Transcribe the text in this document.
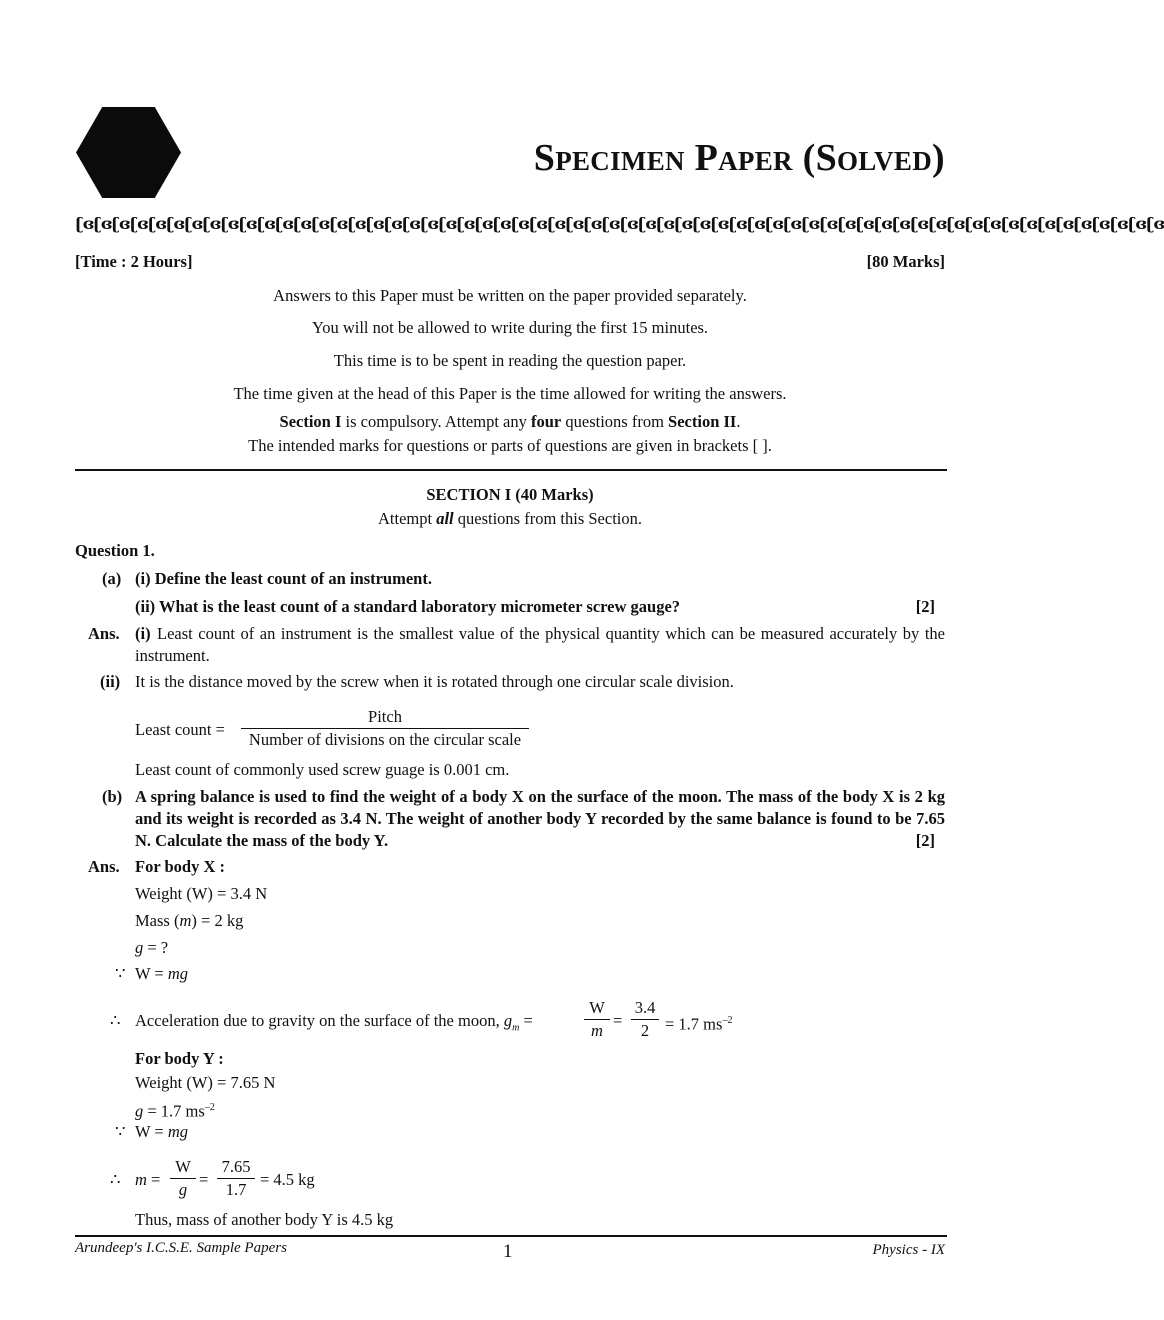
Specimen Paper (Solved)
ʗɞʗɞʗɞʗɞʗɞʗɞʗɞʗɞʗɞʗɞʗɞʗɞʗɞʗɞʗɞʗɞʗɞʗɞʗɞʗɞʗɞʗɞʗɞʗɞʗɞʗɞʗɞʗɞʗɞʗɞʗɞʗɞʗɞʗɞʗɞʗɞʗɞʗɞʗɞʗɞʗɞʗɞʗɞʗɞʗɞʗɞʗɞʗɞʗɞʗɞʗɞʗɞʗɞʗɞʗɞʗɞʗɞʗɞʗɞʗɞ
[Time : 2 Hours]	[80 Marks]
Answers to this Paper must be written on the paper provided separately.
You will not be allowed to write during the first 15 minutes.
This time is to be spent in reading the question paper.
The time given at the head of this Paper is the time allowed for writing the answers.
Section I is compulsory. Attempt any four questions from Section II.
The intended marks for questions or parts of questions are given in brackets [ ].
SECTION I (40 Marks)
Attempt all questions from this Section.
Question 1.
(a) (i) Define the least count of an instrument.
(ii) What is the least count of a standard laboratory micrometer screw gauge?	[2]
Ans. (i) Least count of an instrument is the smallest value of the physical quantity which can be measured accurately by the instrument.
(ii) It is the distance moved by the screw when it is rotated through one circular scale division.
Least count =
Pitch
Number of divisions on the circular scale
Least count of commonly used screw guage is 0.001 cm.
(b) A spring balance is used to find the weight of a body X on the surface of the moon. The mass of the body X is 2 kg and its weight is recorded as 3.4 N. The weight of another body Y recorded by the same balance is found to be 7.65 N. Calculate the mass of the body Y.	[2]
Ans. For body X :
Weight (W) = 3.4 N
Mass (m) = 2 kg
g = ?
∵ W = mg
∴ Acceleration due to gravity on the surface of the moon, $g_m$ =	$\frac{W}{m} = \frac{3.4}{2} = 1.7$ $ms^{-2}$
For body Y :
Weight (W) = 7.65 N
g = 1.7 $ms^{-2}$
∵ W = mg
∴ $m = \frac{W}{g} = \frac{7.65}{1.7} = 4.5$ kg
Thus, mass of another body Y is 4.5 kg
Arundeep's I.C.S.E. Sample Papers	1	Physics - IX
